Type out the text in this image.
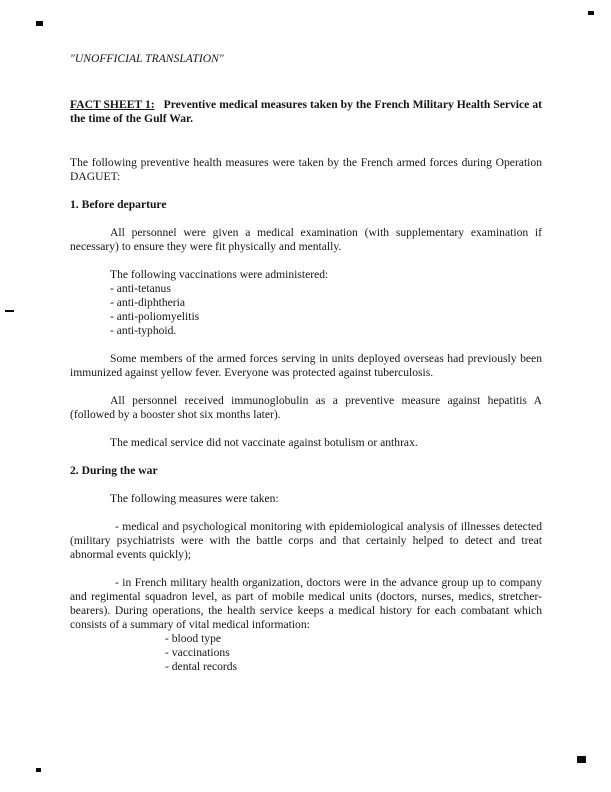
"UNOFFICIAL TRANSLATION"
FACT SHEET 1: Preventive medical measures taken by the French Military Health Service at the time of the Gulf War.

The following preventive health measures were taken by the French armed forces during Operation DAGUET:

1. Before departure

All personnel were given a medical examination (with supplementary examination if necessary) to ensure they were fit physically and mentally.

The following vaccinations were administered:

- anti-tetanus
- anti-diphtheria
- anti-poliomyelitis
- anti-typhoid.

Some members of the armed forces serving in units deployed overseas had previously been immunized against yellow fever. Everyone was protected against tuberculosis.

All personnel received immunoglobulin as a preventive measure against hepatitis A (followed by a booster shot six months later).

The medical service did not vaccinate against botulism or anthrax.

2. During the war

The following measures were taken:

- medical and psychological monitoring with epidemiological analysis of illnesses detected (military psychiatrists were with the battle corps and that certainly helped to detect and treat abnormal events quickly);

- in French military health organization, doctors were in the advance group up to company and regimental squadron level, as part of mobile medical units (doctors, nurses, medics, stretcher-bearers). During operations, the health service keeps a medical history for each combatant which consists of a summary of vital medical information:

- blood type
- vaccinations
- dental records
